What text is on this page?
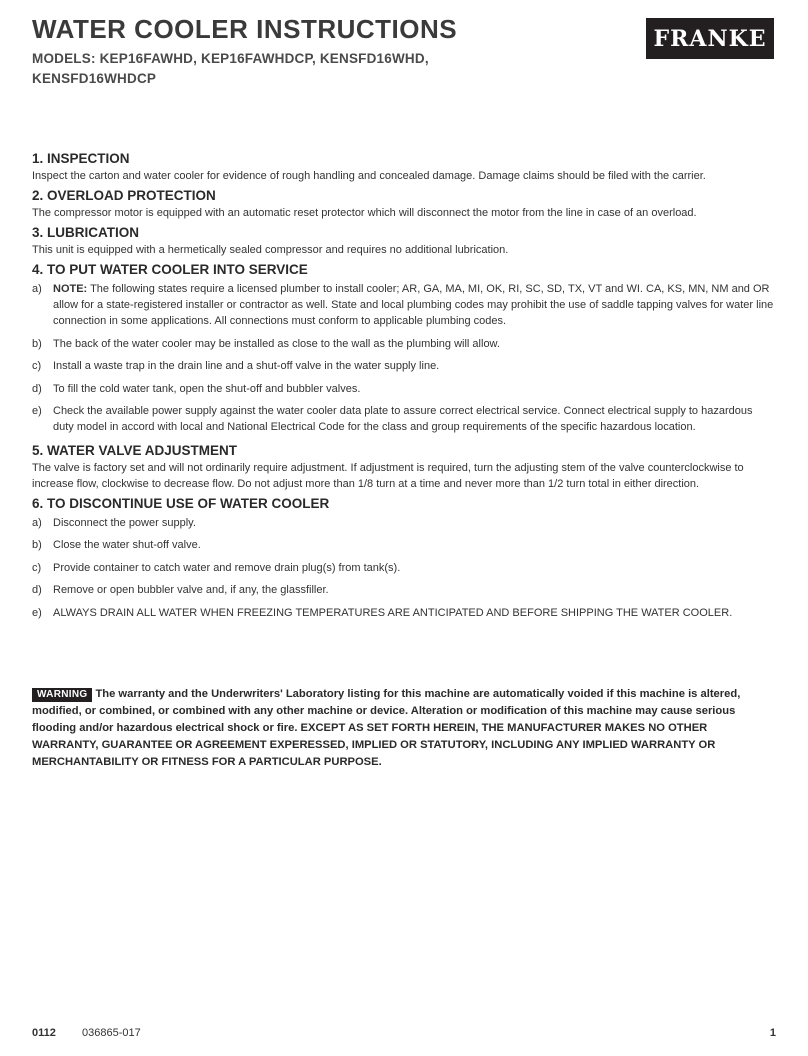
WATER COOLER INSTRUCTIONS

MODELS: KEP16FAWHD, KEP16FAWHDCP, KENSFD16WHD, KENSFD16WHDCP

FRANKE
1. INSPECTION

Inspect the carton and water cooler for evidence of rough handling and concealed damage. Damage claims should be filed with the carrier.

2. OVERLOAD PROTECTION

The compressor motor is equipped with an automatic reset protector which will disconnect the motor from the line in case of an overload.

3. LUBRICATION

This unit is equipped with a hermetically sealed compressor and requires no additional lubrication.

4. TO PUT WATER COOLER INTO SERVICE
a) NOTE: The following states require a licensed plumber to install cooler; AR, GA, MA, MI, OK, RI, SC, SD, TX, VT and WI. CA, KS, MN, NM and OR allow for a state-registered installer or contractor as well. State and local plumbing codes may prohibit the use of saddle tapping valves for water line connection in some applications. All connections must conform to applicable plumbing codes.
b) The back of the water cooler may be installed as close to the wall as the plumbing will allow.
c) Install a waste trap in the drain line and a shut-off valve in the water supply line.
d) To fill the cold water tank, open the shut-off and bubbler valves.
e) Check the available power supply against the water cooler data plate to assure correct electrical service. Connect electrical supply to hazardous duty model in accord with local and National Electrical Code for the class and group requirements of the specific hazardous location.
5. WATER VALVE ADJUSTMENT

The valve is factory set and will not ordinarily require adjustment. If adjustment is required, turn the adjusting stem of the valve counterclockwise to increase flow, clockwise to decrease flow. Do not adjust more than 1/8 turn at a time and never more than 1/2 turn total in either direction.

6. TO DISCONTINUE USE OF WATER COOLER
a) Disconnect the power supply.
b) Close the water shut-off valve.
c) Provide container to catch water and remove drain plug(s) from tank(s).
d) Remove or open bubbler valve and, if any, the glassfiller.
e) ALWAYS DRAIN ALL WATER WHEN FREEZING TEMPERATURES ARE ANTICIPATED AND BEFORE SHIPPING THE WATER COOLER.

WARNING The warranty and the Underwriters' Laboratory listing for this machine are automatically voided if this machine is altered, modified, or combined, or combined with any other machine or device. Alteration or modification of this machine may cause serious flooding and/or hazardous electrical shock or fire. EXCEPT AS SET FORTH HEREIN, THE MANUFACTURER MAKES NO OTHER WARRANTY, GUARANTEE OR AGREEMENT EXPERESSED, IMPLIED OR STATUTORY, INCLUDING ANY IMPLIED WARRANTY OR MERCHANTABILITY OR FITNESS FOR A PARTICULAR PURPOSE.

0112 036865-017	1
